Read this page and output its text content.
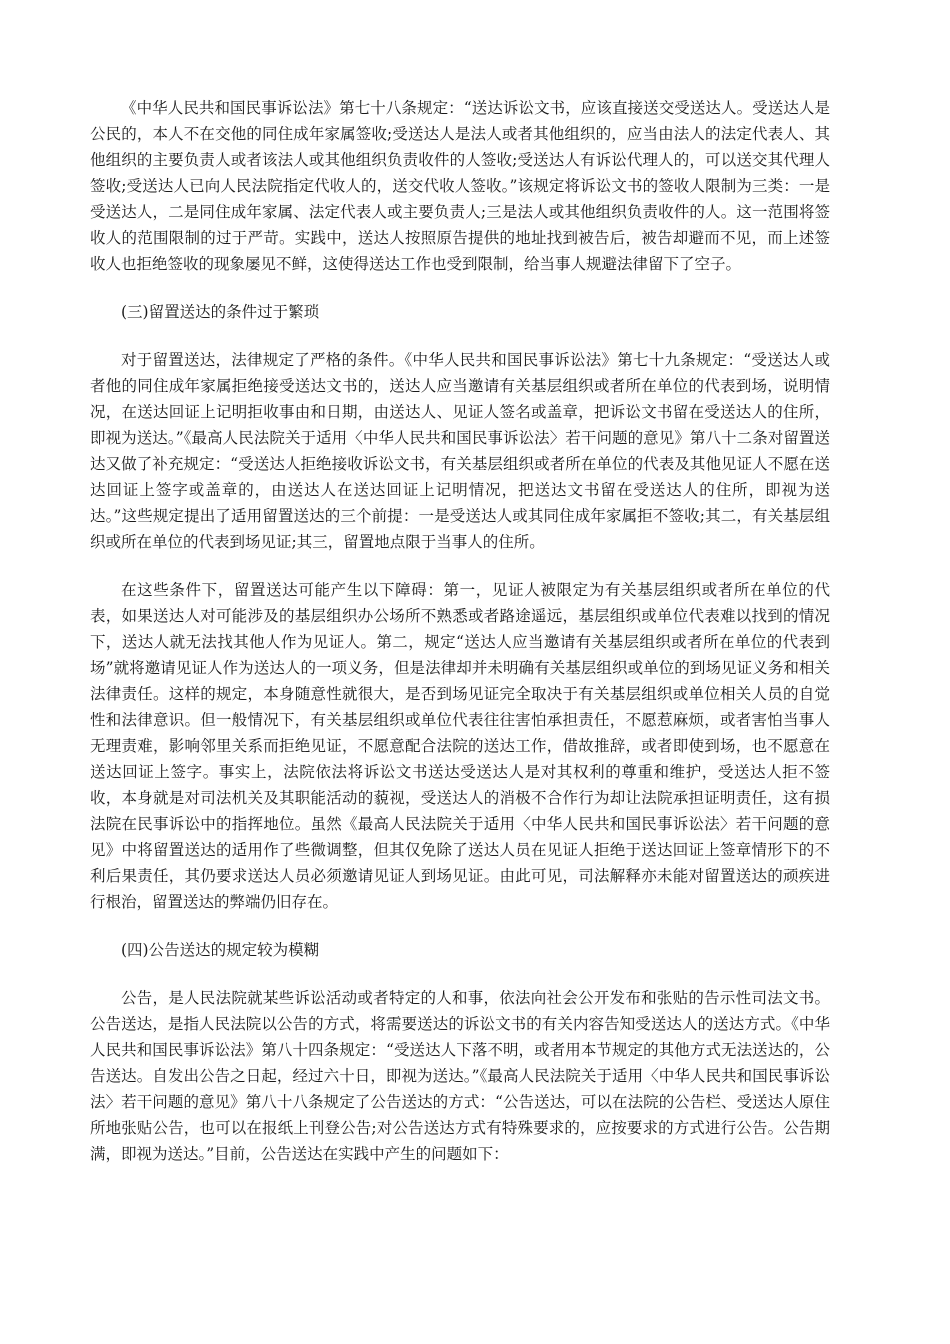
《中华人民共和国民事诉讼法》第七十八条规定：“送达诉讼文书，应该直接送交受送达人。受送达人是公民的，本人不在交他的同住成年家属签收;受送达人是法人或者其他组织的，应当由法人的法定代表人、其他组织的主要负责人或者该法人或其他组织负责收件的人签收;受送达人有诉讼代理人的，可以送交其代理人签收;受送达人已向人民法院指定代收人的，送交代收人签收。”该规定将诉讼文书的签收人限制为三类：一是受送达人，二是同住成年家属、法定代表人或主要负责人;三是法人或其他组织负责收件的人。这一范围将签收人的范围限制的过于严苛。实践中，送达人按照原告提供的地址找到被告后，被告却避而不见，而上述签收人也拒绝签收的现象屡见不鲜，这使得送达工作也受到限制，给当事人规避法律留下了空子。

(三)留置送达的条件过于繁琐

对于留置送达，法律规定了严格的条件。《中华人民共和国民事诉讼法》第七十九条规定：“受送达人或者他的同住成年家属拒绝接受送达文书的，送达人应当邀请有关基层组织或者所在单位的代表到场，说明情况，在送达回证上记明拒收事由和日期，由送达人、见证人签名或盖章，把诉讼文书留在受送达人的住所，即视为送达。”《最高人民法院关于适用〈中华人民共和国民事诉讼法〉若干问题的意见》第八十二条对留置送达又做了补充规定：“受送达人拒绝接收诉讼文书，有关基层组织或者所在单位的代表及其他见证人不愿在送达回证上签字或盖章的，由送达人在送达回证上记明情况，把送达文书留在受送达人的住所，即视为送达。”这些规定提出了适用留置送达的三个前提：一是受送达人或其同住成年家属拒不签收;其二，有关基层组织或所在单位的代表到场见证;其三，留置地点限于当事人的住所。

在这些条件下，留置送达可能产生以下障碍：第一，见证人被限定为有关基层组织或者所在单位的代表，如果送达人对可能涉及的基层组织办公场所不熟悉或者路途遥远，基层组织或单位代表难以找到的情况下，送达人就无法找其他人作为见证人。第二，规定“送达人应当邀请有关基层组织或者所在单位的代表到场”就将邀请见证人作为送达人的一项义务，但是法律却并未明确有关基层组织或单位的到场见证义务和相关法律责任。这样的规定，本身随意性就很大，是否到场见证完全取决于有关基层组织或单位相关人员的自觉性和法律意识。但一般情况下，有关基层组织或单位代表往往害怕承担责任，不愿惹麻烦，或者害怕当事人无理责难，影响邻里关系而拒绝见证，不愿意配合法院的送达工作，借故推辞，或者即使到场，也不愿意在送达回证上签字。事实上，法院依法将诉讼文书送达受送达人是对其权利的尊重和维护，受送达人拒不签收，本身就是对司法机关及其职能活动的藐视，受送达人的消极不合作行为却让法院承担证明责任，这有损法院在民事诉讼中的指挥地位。虽然《最高人民法院关于适用〈中华人民共和国民事诉讼法〉若干问题的意见》中将留置送达的适用作了些微调整，但其仅免除了送达人员在见证人拒绝于送达回证上签章情形下的不利后果责任，其仍要求送达人员必须邀请见证人到场见证。由此可见，司法解释亦未能对留置送达的顽疾进行根治，留置送达的弊端仍旧存在。

(四)公告送达的规定较为模糊

公告，是人民法院就某些诉讼活动或者特定的人和事，依法向社会公开发布和张贴的告示性司法文书。公告送达，是指人民法院以公告的方式，将需要送达的诉讼文书的有关内容告知受送达人的送达方式。《中华人民共和国民事诉讼法》第八十四条规定：“受送达人下落不明，或者用本节规定的其他方式无法送达的，公告送达。自发出公告之日起，经过六十日，即视为送达。”《最高人民法院关于适用〈中华人民共和国民事诉讼法〉若干问题的意见》第八十八条规定了公告送达的方式：“公告送达，可以在法院的公告栏、受送达人原住所地张贴公告，也可以在报纸上刊登公告;对公告送达方式有特殊要求的，应按要求的方式进行公告。公告期满，即视为送达。”目前，公告送达在实践中产生的问题如下：
